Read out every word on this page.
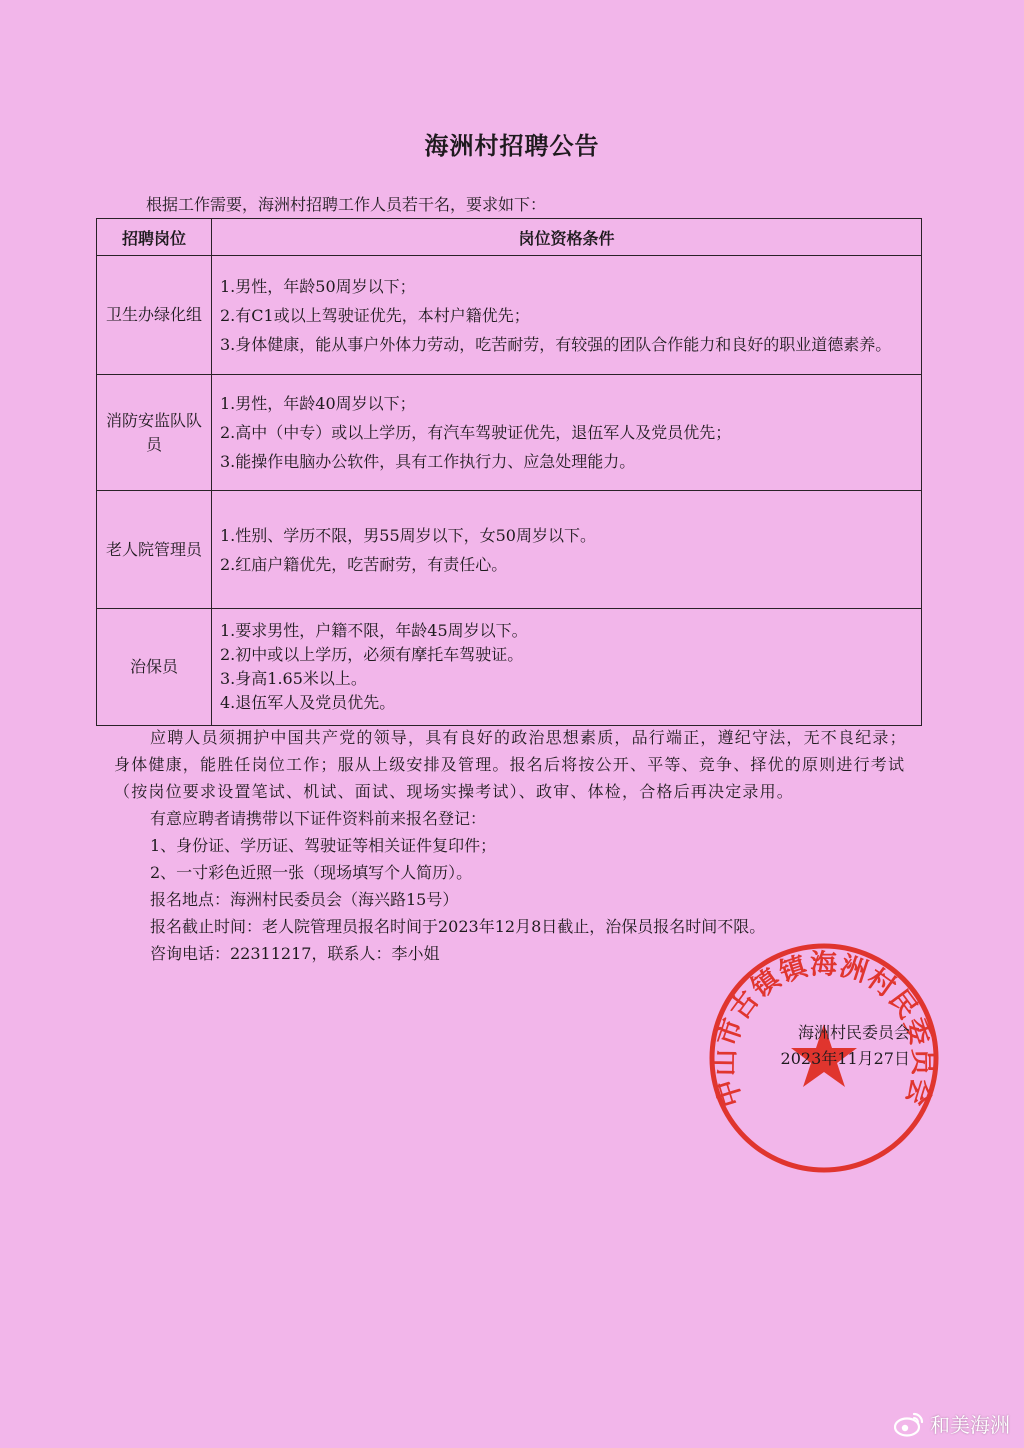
海洲村招聘公告
根据工作需要，海洲村招聘工作人员若干名，要求如下：
招聘岗位	岗位资格条件
卫生办绿化组	1.男性，年龄50周岁以下；
2.有C1或以上驾驶证优先，本村户籍优先；
3.身体健康，能从事户外体力劳动，吃苦耐劳，有较强的团队合作能力和良好的职业道德素养。

消防安监队队员	1.男性，年龄40周岁以下；
2.高中（中专）或以上学历，有汽车驾驶证优先，退伍军人及党员优先；
3.能操作电脑办公软件，具有工作执行力、应急处理能力。

老人院管理员	1.性别、学历不限，男55周岁以下，女50周岁以下。
2.红庙户籍优先，吃苦耐劳，有责任心。

治保员	1.要求男性，户籍不限，年龄45周岁以下。
2.初中或以上学历，必须有摩托车驾驶证。
3.身高1.65米以上。
4.退伍军人及党员优先。
应聘人员须拥护中国共产党的领导，具有良好的政治思想素质，品行端正，遵纪守法，无不良纪录；身体健康，能胜任岗位工作；服从上级安排及管理。报名后将按公开、平等、竞争、择优的原则进行考试（按岗位要求设置笔试、机试、面试、现场实操考试）、政审、体检，合格后再决定录用。
有意应聘者请携带以下证件资料前来报名登记：
1、身份证、学历证、驾驶证等相关证件复印件；
2、一寸彩色近照一张（现场填写个人简历）。
报名地点：海洲村民委员会（海兴路15号）
报名截止时间：老人院管理员报名时间于2023年12月8日截止，治保员报名时间不限。
咨询电话：22311217，联系人：李小姐
中山市古镇镇海洲村民委员会
海洲村民委员会
2023年11月27日
和美海洲
